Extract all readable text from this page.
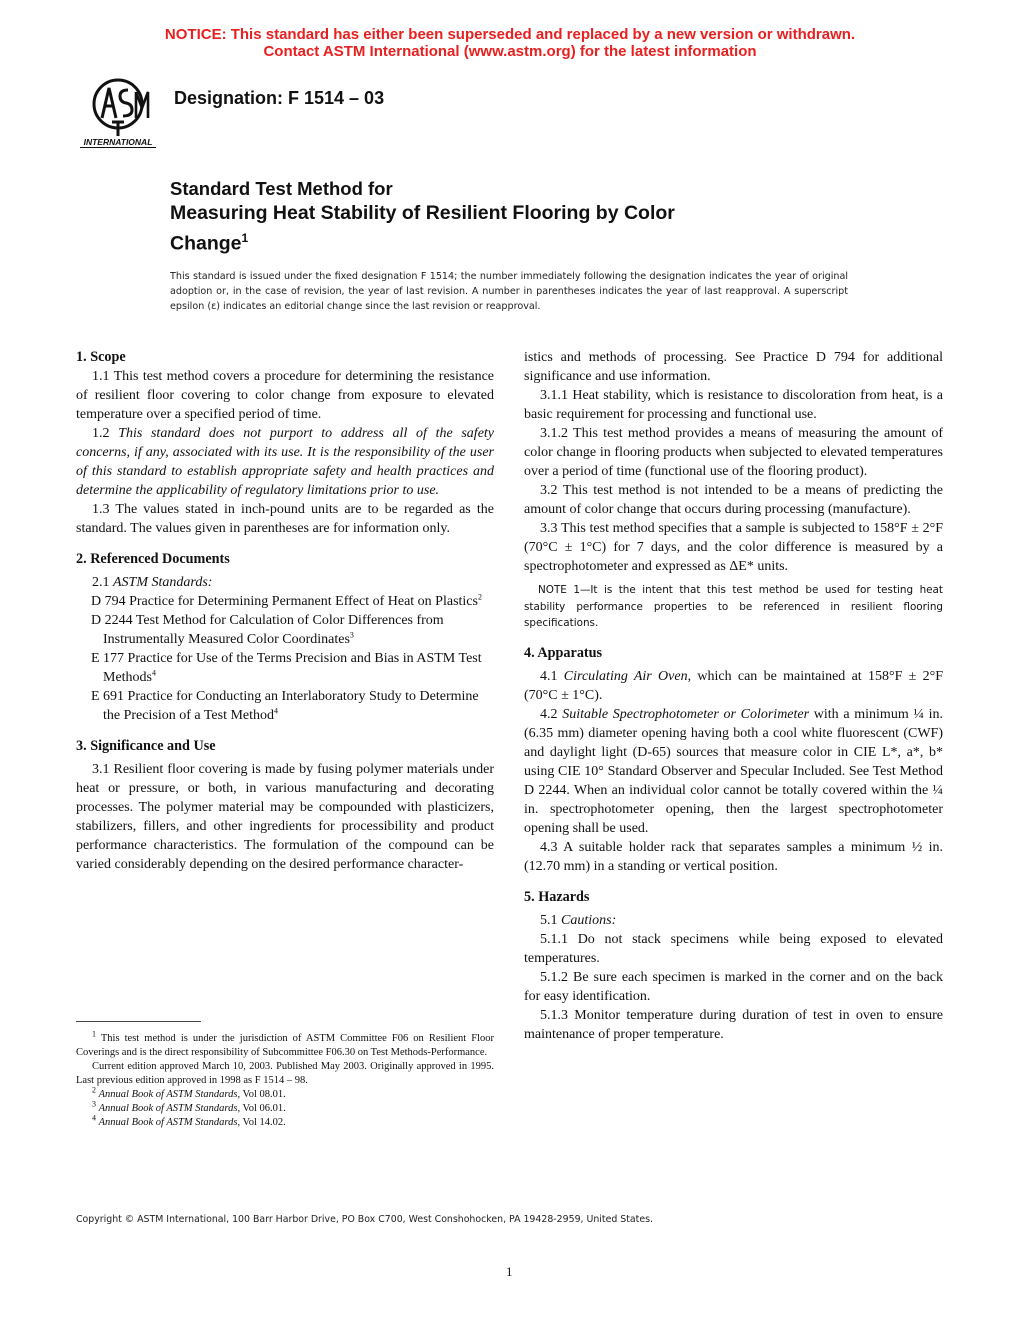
NOTICE: This standard has either been superseded and replaced by a new version or withdrawn.
Contact ASTM International (www.astm.org) for the latest information
INTERNATIONAL
Designation: F 1514 – 03
Standard Test Method for
Measuring Heat Stability of Resilient Flooring by Color
Change$^1$
This standard is issued under the fixed designation F 1514; the number immediately following the designation indicates the year of original adoption or, in the case of revision, the year of last revision. A number in parentheses indicates the year of last reapproval. A superscript epsilon (ε) indicates an editorial change since the last revision or reapproval.
1. Scope

1.1 This test method covers a procedure for determining the resistance of resilient floor covering to color change from exposure to elevated temperature over a specified period of time.

1.2 This standard does not purport to address all of the safety concerns, if any, associated with its use. It is the responsibility of the user of this standard to establish appropriate safety and health practices and determine the applicability of regulatory limitations prior to use.

1.3 The values stated in inch-pound units are to be regarded as the standard. The values given in parentheses are for information only.

2. Referenced Documents

2.1 ASTM Standards:

D 794 Practice for Determining Permanent Effect of Heat on Plastics$^2$

D 2244 Test Method for Calculation of Color Differences from Instrumentally Measured Color Coordinates$^3$

E 177 Practice for Use of the Terms Precision and Bias in ASTM Test Methods$^4$

E 691 Practice for Conducting an Interlaboratory Study to Determine the Precision of a Test Method$^4$

3. Significance and Use

3.1 Resilient floor covering is made by fusing polymer materials under heat or pressure, or both, in various manufacturing and decorating processes. The polymer material may be compounded with plasticizers, stabilizers, fillers, and other ingredients for processibility and product performance characteristics. The formulation of the compound can be varied considerably depending on the desired performance character-

$^1$ This test method is under the jurisdiction of ASTM Committee F06 on Resilient Floor Coverings and is the direct responsibility of Subcommittee F06.30 on Test Methods-Performance.

Current edition approved March 10, 2003. Published May 2003. Originally approved in 1995. Last previous edition approved in 1998 as F 1514 – 98.

$^2$ Annual Book of ASTM Standards, Vol 08.01.

$^3$ Annual Book of ASTM Standards, Vol 06.01.

$^4$ Annual Book of ASTM Standards, Vol 14.02.

istics and methods of processing. See Practice D 794 for additional significance and use information.

3.1.1 Heat stability, which is resistance to discoloration from heat, is a basic requirement for processing and functional use.

3.1.2 This test method provides a means of measuring the amount of color change in flooring products when subjected to elevated temperatures over a period of time (functional use of the flooring product).

3.2 This test method is not intended to be a means of predicting the amount of color change that occurs during processing (manufacture).

3.3 This test method specifies that a sample is subjected to 158°F ± 2°F (70°C ± 1°C) for 7 days, and the color difference is measured by a spectrophotometer and expressed as ΔE* units.

NOTE 1—It is the intent that this test method be used for testing heat stability performance properties to be referenced in resilient flooring specifications.

4. Apparatus

4.1 Circulating Air Oven, which can be maintained at 158°F ± 2°F (70°C ± 1°C).

4.2 Suitable Spectrophotometer or Colorimeter with a minimum ¼ in. (6.35 mm) diameter opening having both a cool white fluorescent (CWF) and daylight light (D-65) sources that measure color in CIE L*, a*, b* using CIE 10° Standard Observer and Specular Included. See Test Method D 2244. When an individual color cannot be totally covered within the ¼ in. spectrophotometer opening, then the largest spectrophotometer opening shall be used.

4.3 A suitable holder rack that separates samples a minimum ½ in. (12.70 mm) in a standing or vertical position.

5. Hazards

5.1 Cautions:

5.1.1 Do not stack specimens while being exposed to elevated temperatures.

5.1.2 Be sure each specimen is marked in the corner and on the back for easy identification.

5.1.3 Monitor temperature during duration of test in oven to ensure maintenance of proper temperature.

Copyright © ASTM International, 100 Barr Harbor Drive, PO Box C700, West Conshohocken, PA 19428-2959, United States.
1
